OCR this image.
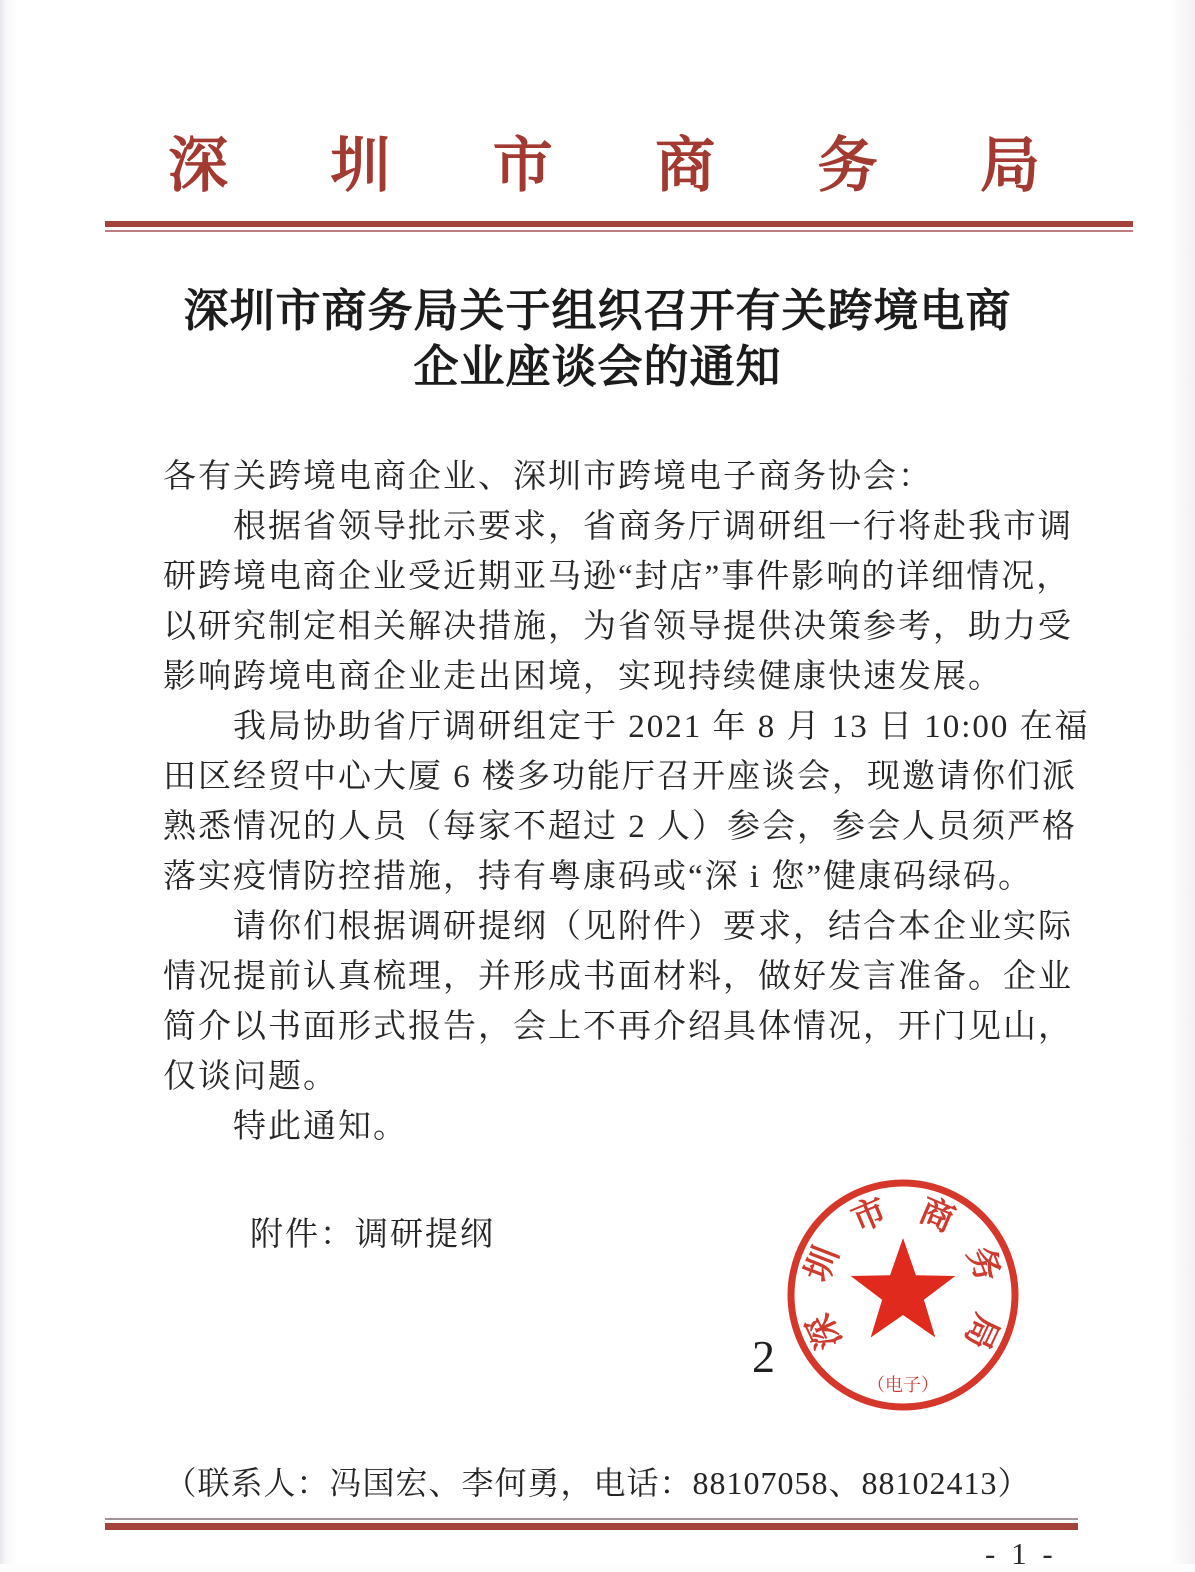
深 圳 市 商 务 局
深圳市商务局关于组织召开有关跨境电商
企业座谈会的通知
各有关跨境电商企业、深圳市跨境电子商务协会：
　　根据省领导批示要求，省商务厅调研组一行将赴我市调
研跨境电商企业受近期亚马逊“封店”事件影响的详细情况，
以研究制定相关解决措施，为省领导提供决策参考，助力受
影响跨境电商企业走出困境，实现持续健康快速发展。
　　我局协助省厅调研组定于 2021 年 8 月 13 日 10:00 在福
田区经贸中心大厦 6 楼多功能厅召开座谈会，现邀请你们派
熟悉情况的人员（每家不超过 2 人）参会，参会人员须严格
落实疫情防控措施，持有粤康码或“深 i 您”健康码绿码。
　　请你们根据调研提纲（见附件）要求，结合本企业实际
情况提前认真梳理，并形成书面材料，做好发言准备。企业
简介以书面形式报告，会上不再介绍具体情况，开门见山，
仅谈问题。
　　特此通知。
附件：调研提纲
深
圳
市 商
务
局
（电子）
2
（联系人：冯国宏、李何勇，电话：88107058、88102413）
- 1 -
